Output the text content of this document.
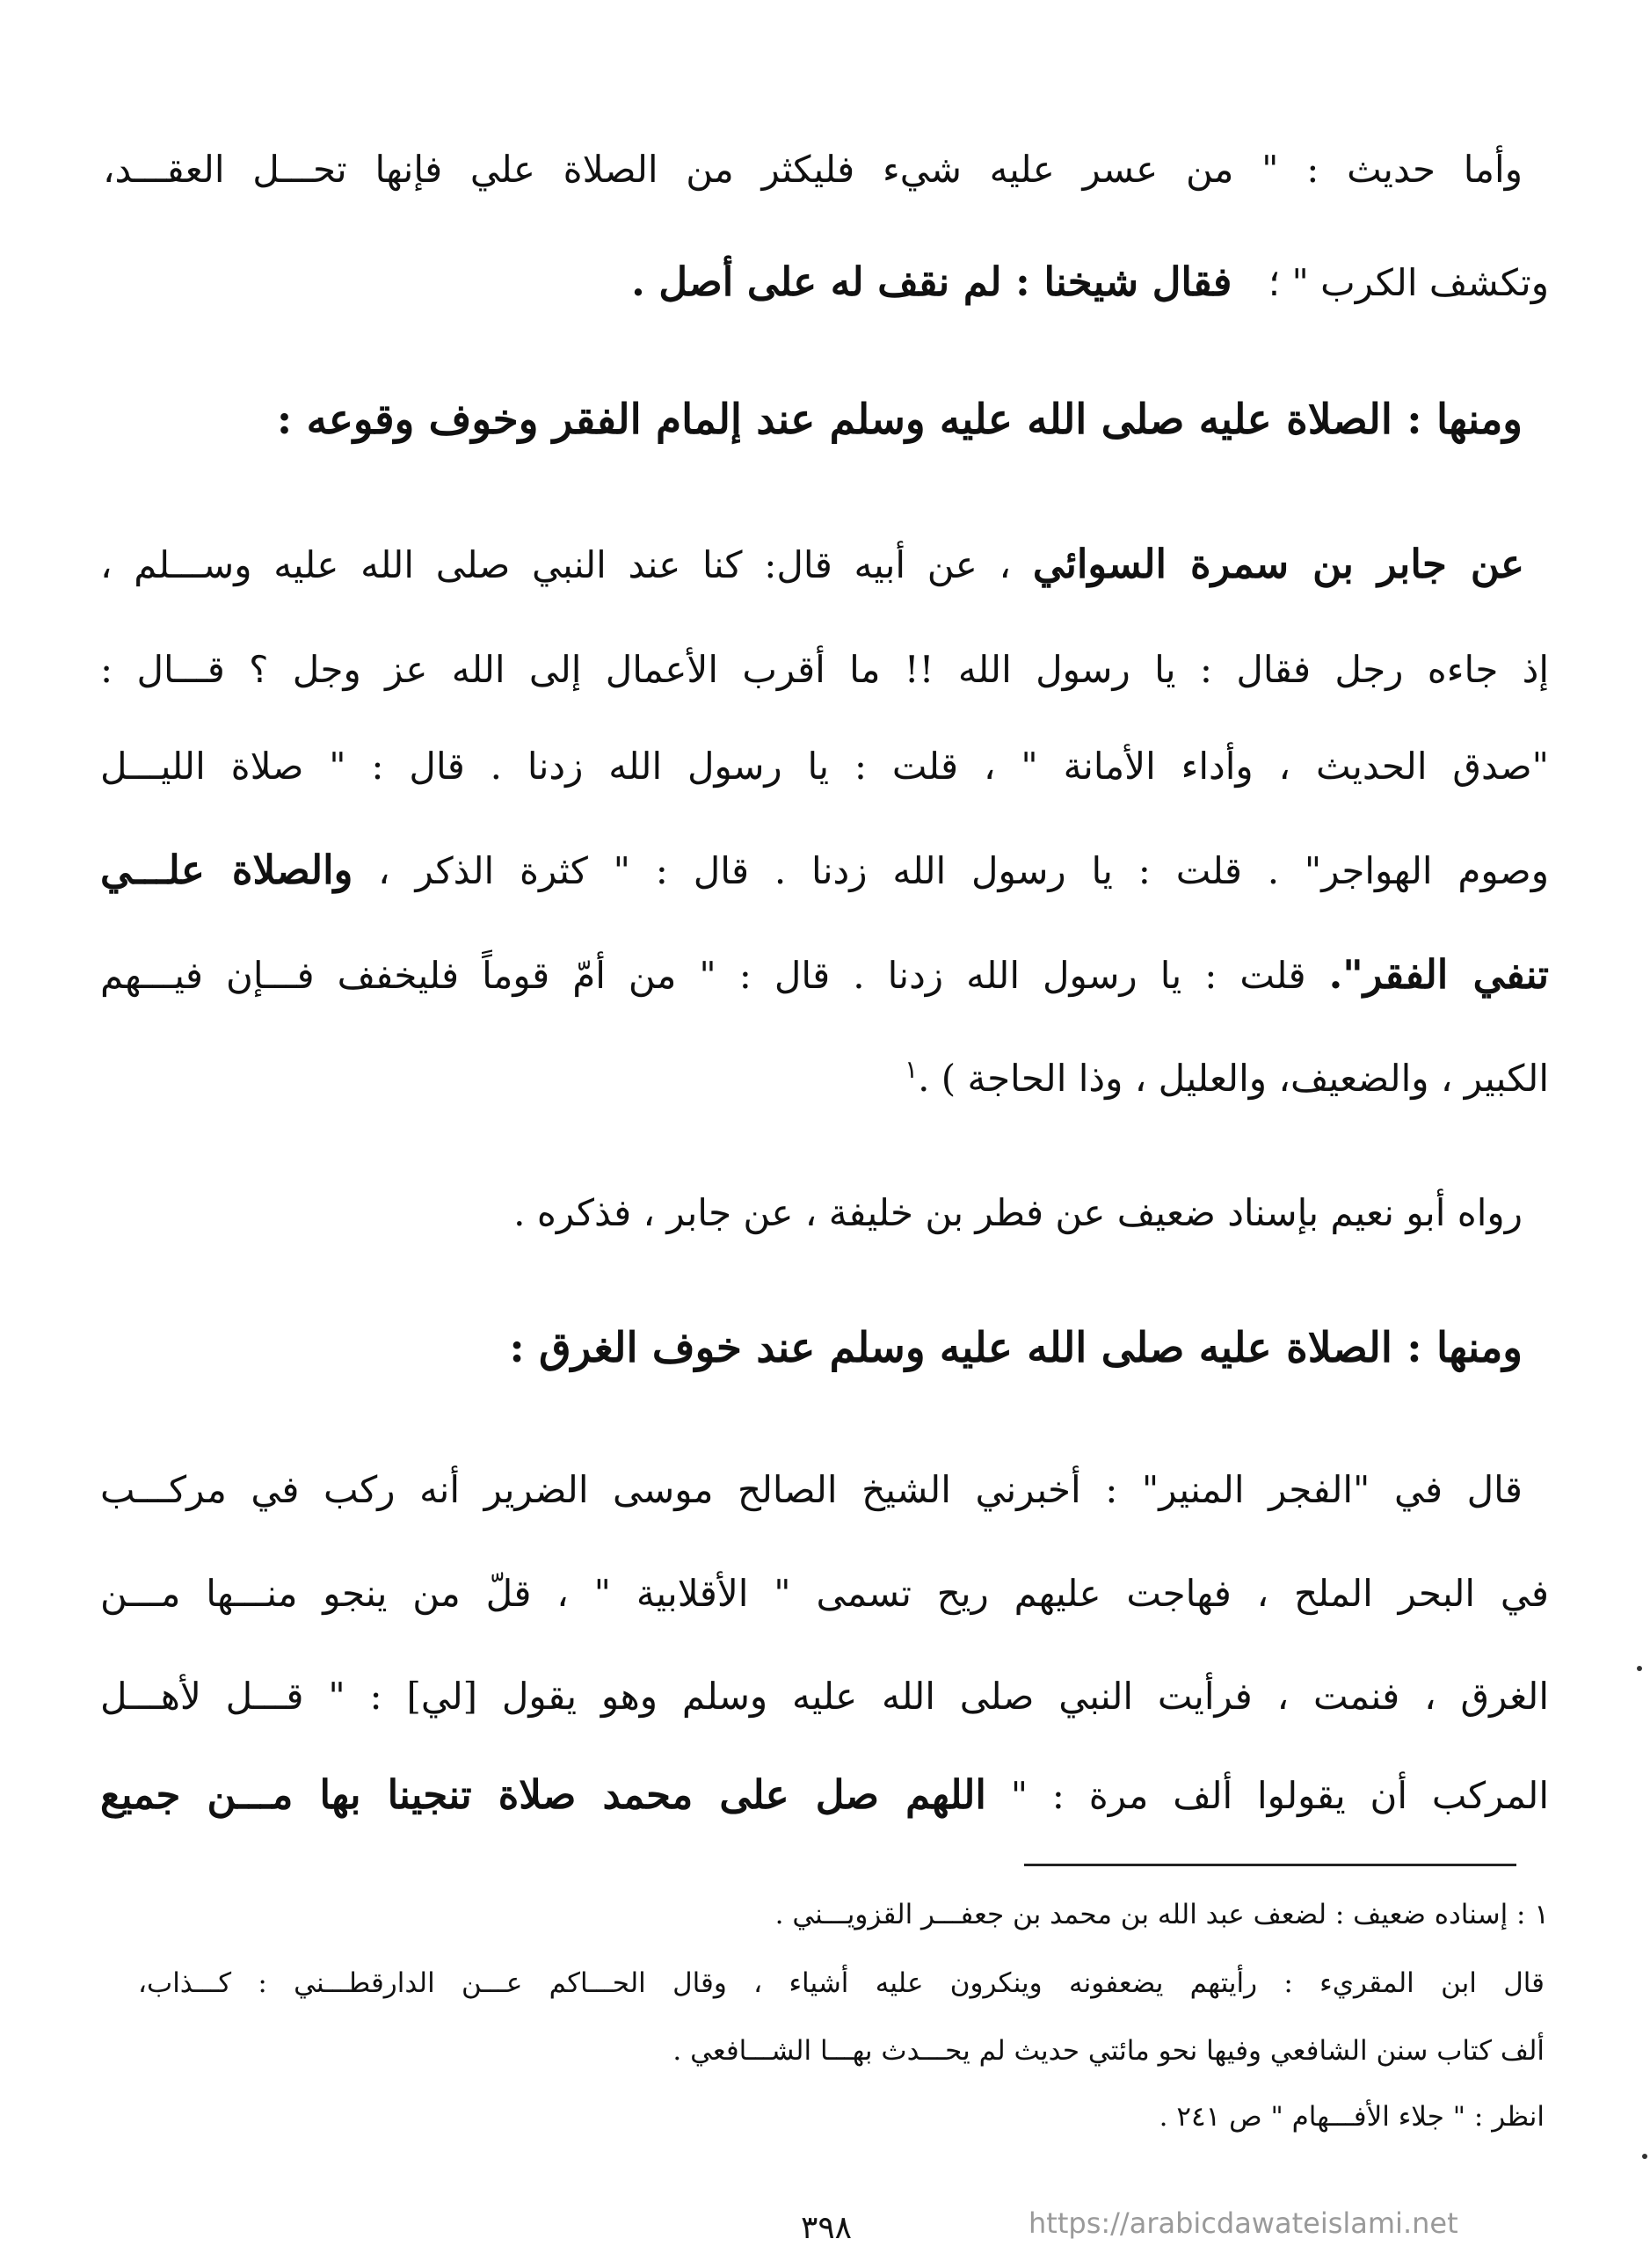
وأما حديث : " من عسر عليه شيء فليكثر من الصلاة علي فإنها تحـــل العقـــد،
وتكشف الكرب " ؛ فقال شيخنا : لم نقف له على أصل .
ومنها : الصلاة عليه صلى الله عليه وسلم عند إلمام الفقر وخوف وقوعه :
عن جابر بن سمرة السوائي ، عن أبيه قال: كنا عند النبي صلى الله عليه وســـلم ،
إذ جاءه رجل فقال : يا رسول الله !! ما أقرب الأعمال إلى الله عز وجل ؟ قـــال :
"صدق الحديث ، وأداء الأمانة " ، قلت : يا رسول الله زدنا . قال : " صلاة الليـــل
وصوم الهواجر" . قلت : يا رسول الله زدنا . قال : " كثرة الذكر ، والصلاة علـــي
تنفي الفقر". قلت : يا رسول الله زدنا . قال : " من أمّ قوماً فليخفف فـــإن فيـــهم
الكبير ، والضعيف، والعليل ، وذا الحاجة ) .$^١$
رواه أبو نعيم بإسناد ضعيف عن فطر بن خليفة ، عن جابر ، فذكره .
ومنها : الصلاة عليه صلى الله عليه وسلم عند خوف الغرق :
قال في "الفجر المنير" : أخبرني الشيخ الصالح موسى الضرير أنه ركب في مركـــب
في البحر الملح ، فهاجت عليهم ريح تسمى " الأقلابية " ، قلّ من ينجو منـــها مـــن
الغرق ، فنمت ، فرأيت النبي صلى الله عليه وسلم وهو يقول [لي] : " قـــل لأهـــل
المركب أن يقولوا ألف مرة : " اللهم صل على محمد صلاة تنجينا بها مـــن جميع
١ : إسناده ضعيف : لضعف عبد الله بن محمد بن جعفـــر القزويـــني .
قال ابن المقريء : رأيتهم يضعفونه وينكرون عليه أشياء ، وقال الحـــاكم عـــن الدارقطـــني : كـــذاب،
ألف كتاب سنن الشافعي وفيها نحو مائتي حديث لم يحـــدث بهـــا الشـــافعي .
انظر : " جلاء الأفـــهام " ص ٢٤١ .
٣٩٨	https://arabicdawateislami.net
